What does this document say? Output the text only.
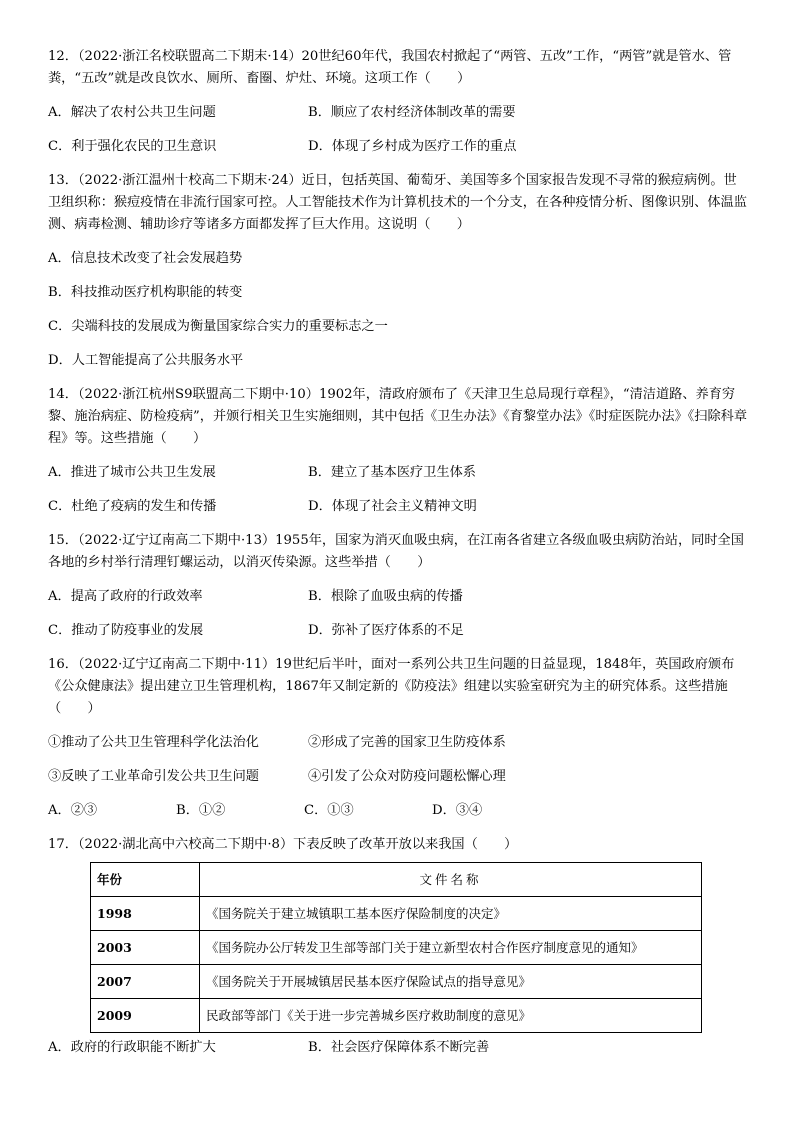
12．（2022·浙江名校联盟高二下期末·14）20世纪60年代，我国农村掀起了“两管、五改”工作，“两管”就是管水、管粪，“五改”就是改良饮水、厕所、畜圈、炉灶、环境。这项工作（　　）

A．解决了农村公共卫生问题	B．顺应了农村经济体制改革的需要
C．利于强化农民的卫生意识	D．体现了乡村成为医疗工作的重点

13．（2022·浙江温州十校高二下期末·24）近日，包括英国、葡萄牙、美国等多个国家报告发现不寻常的猴痘病例。世卫组织称：猴痘疫情在非流行国家可控。人工智能技术作为计算机技术的一个分支，在各种疫情分析、图像识别、体温监测、病毒检测、辅助诊疗等诸多方面都发挥了巨大作用。这说明（　　）

A．信息技术改变了社会发展趋势
B．科技推动医疗机构职能的转变
C．尖端科技的发展成为衡量国家综合实力的重要标志之一
D．人工智能提高了公共服务水平

14．（2022·浙江杭州S9联盟高二下期中·10）1902年，清政府颁布了《天津卫生总局现行章程》，“清洁道路、养育穷黎、施治病症、防检疫病”，并颁行相关卫生实施细则，其中包括《卫生办法》《育黎堂办法》《时症医院办法》《扫除科章程》等。这些措施（　　）

A．推进了城市公共卫生发展	B．建立了基本医疗卫生体系
C．杜绝了疫病的发生和传播	D．体现了社会主义精神文明

15．（2022·辽宁辽南高二下期中·13）1955年，国家为消灭血吸虫病，在江南各省建立各级血吸虫病防治站，同时全国各地的乡村举行清理钉螺运动，以消灭传染源。这些举措（　　）

A．提高了政府的行政效率	B．根除了血吸虫病的传播
C．推动了防疫事业的发展	D．弥补了医疗体系的不足

16．（2022·辽宁辽南高二下期中·11）19世纪后半叶，面对一系列公共卫生问题的日益显现，1848年，英国政府颁布《公众健康法》提出建立卫生管理机构，1867年又制定新的《防疫法》组建以实验室研究为主的研究体系。这些措施（　　）

①推动了公共卫生管理科学化法治化	②形成了完善的国家卫生防疫体系
③反映了工业革命引发公共卫生问题	④引发了公众对防疫问题松懈心理
A．②③	B．①②	C．①③	D．③④

17．（2022·湖北高中六校高二下期中·8）下表反映了改革开放以来我国（　　）

年份	文件名称
1998	《国务院关于建立城镇职工基本医疗保险制度的决定》
2003	《国务院办公厅转发卫生部等部门关于建立新型农村合作医疗制度意见的通知》
2007	《国务院关于开展城镇居民基本医疗保险试点的指导意见》
2009	民政部等部门《关于进一步完善城乡医疗救助制度的意见》
A．政府的行政职能不断扩大	B．社会医疗保障体系不断完善
